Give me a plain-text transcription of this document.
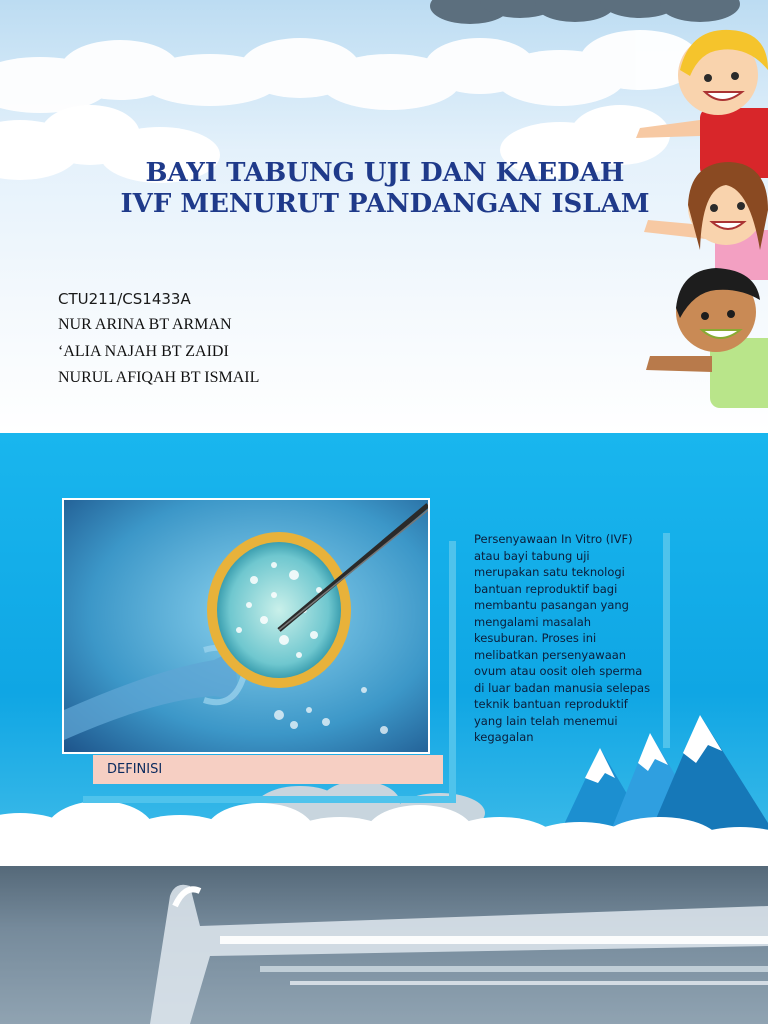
BAYI TABUNG UJI DAN KAEDAH
IVF MENURUT PANDANGAN ISLAM
CTU211/CS1433A
NUR ARINA BT ARMAN
‘ALIA NAJAH BT ZAIDI
NURUL AFIQAH BT ISMAIL
DEFINISI
Persenyawaan In Vitro (IVF) atau bayi tabung uji merupakan satu teknologi bantuan reproduktif bagi membantu pasangan yang mengalami masalah kesuburan. Proses ini melibatkan persenyawaan ovum atau oosit oleh sperma di luar badan manusia selepas teknik bantuan reproduktif yang lain telah menemui kegagalan
